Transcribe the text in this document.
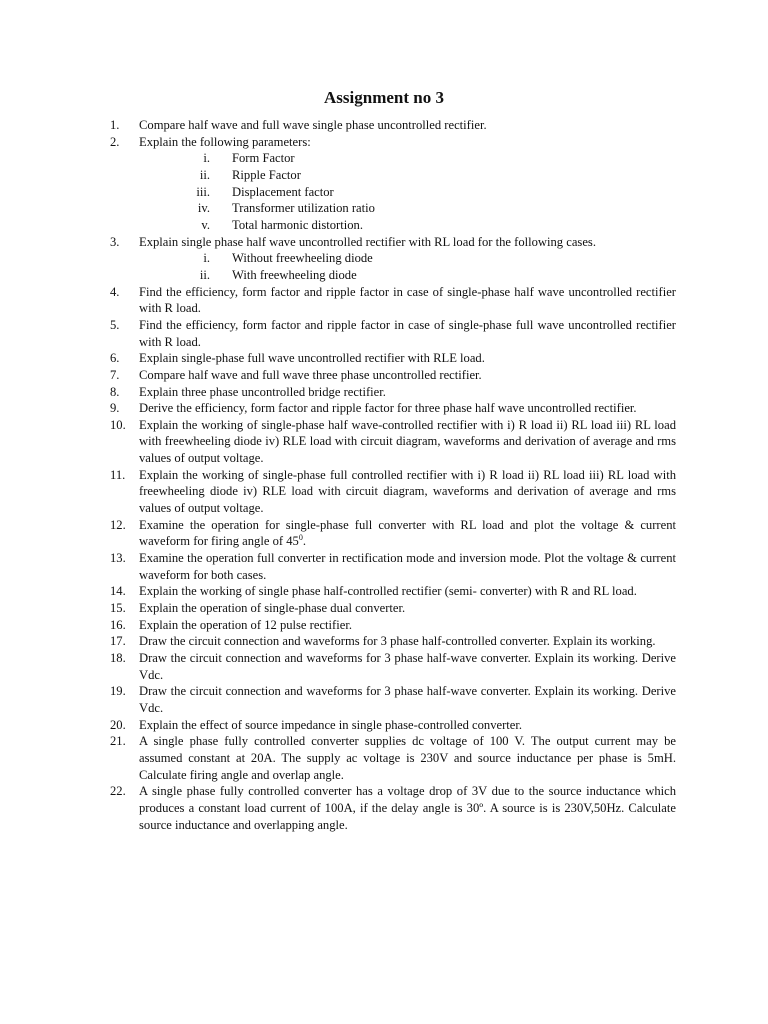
Assignment no 3
1.	Compare half wave and full wave single phase uncontrolled rectifier.
2.	Explain the following parameters:
i.	Form Factor
ii.	Ripple Factor
iii.	Displacement factor
iv.	Transformer utilization ratio
v.	Total harmonic distortion.
3.	Explain single phase half wave uncontrolled rectifier with RL load for the following cases.
i.	Without freewheeling diode
ii.	With freewheeling diode
4.	Find the efficiency, form factor and ripple factor in case of single-phase half wave uncontrolled rectifier with R load.
5.	Find the efficiency, form factor and ripple factor in case of single-phase full wave uncontrolled rectifier with R load.
6.	Explain single-phase full wave uncontrolled rectifier with RLE load.
7.	Compare half wave and full wave three phase uncontrolled rectifier.
8.	Explain three phase uncontrolled bridge rectifier.
9.	Derive the efficiency, form factor and ripple factor for three phase half wave uncontrolled rectifier.
10.	Explain the working of single-phase half wave-controlled rectifier with i) R load ii) RL load iii) RL load with freewheeling diode iv) RLE load with circuit diagram, waveforms and derivation of average and rms values of output voltage.
11.	Explain the working of single-phase full controlled rectifier with i) R load ii) RL load iii) RL load with freewheeling diode iv) RLE load with circuit diagram, waveforms and derivation of average and rms values of output voltage.
12.	Examine the operation for single-phase full converter with RL load and plot the voltage & current waveform for firing angle of $45^0$.
13.	Examine the operation full converter in rectification mode and inversion mode. Plot the voltage & current waveform for both cases.
14.	Explain the working of single phase half-controlled rectifier (semi- converter) with R and RL load.
15.	Explain the operation of single-phase dual converter.
16.	Explain the operation of 12 pulse rectifier.
17.	Draw the circuit connection and waveforms for 3 phase half-controlled converter. Explain its working.
18.	Draw the circuit connection and waveforms for 3 phase half-wave converter. Explain its working. Derive Vdc.
19.	Draw the circuit connection and waveforms for 3 phase half-wave converter. Explain its working. Derive Vdc.
20.	Explain the effect of source impedance in single phase-controlled converter.
21.	A single phase fully controlled converter supplies dc voltage of 100 V. The output current may be assumed constant at 20A. The supply ac voltage is 230V and source inductance per phase is 5mH. Calculate firing angle and overlap angle.
22.	A single phase fully controlled converter has a voltage drop of 3V due to the source inductance which produces a constant load current of 100A, if the delay angle is 30º. A source is is 230V,50Hz. Calculate source inductance and overlapping angle.
